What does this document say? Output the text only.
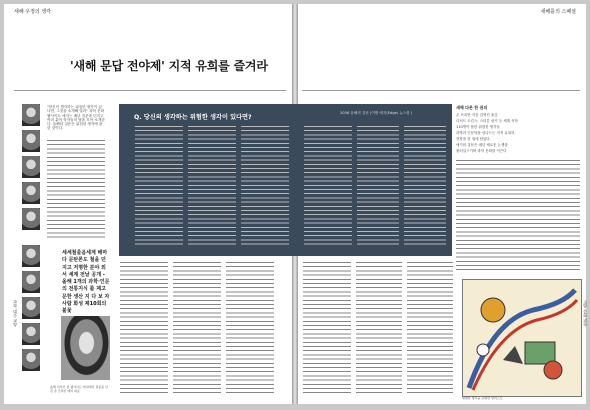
새해 우정의 생각	새해를의 스페셜
'새해 문답 전야제' 지적 유희를 즐겨라
"당신이 생각하는 위험한 생각이 있다면, 그것을 소개해 달라" 과학 문화 웹사이트 에지는 매년 질문을 던지고 여러 분야 학자들의 답을 모아 소개한다. 올해의 질문은 위험한 생각에 관한 것이다.
세세철울음세계 해마다 문탄론도 철을 던지고 저명한 분야 외서 세계 전날 공개 - 올해 1개의 과학·인문의 전통지식 를 제고 문한 생산 지 다 보 자 사람 화성 제10회의 불꽃
올해 지식인 물 웹사이트 에지에서 질문을 던진 존 브록만 에지 대표
Q. 당신의 생각하는 위험한 생각이 있다면?
2006 올해의 질문 (이엔 에지(Edge) 뉴스를 )
새해 다른 한 권의
존 브록만 지음 김영진 옮김
리처드 도킨스, 스티븐 핑커 등 세계 석학
110명이 답한 위험한 생각들
과학과 인문학을 넘나드는 지적 유희의
현장을 한 권에 담았다
에지의 질문은 매년 새로운 논쟁을
불러일으키며 과학 문화를 이끈다
위험한 생각을 표현한 일러스트
과학 대중 교양	교양 문화 과학
